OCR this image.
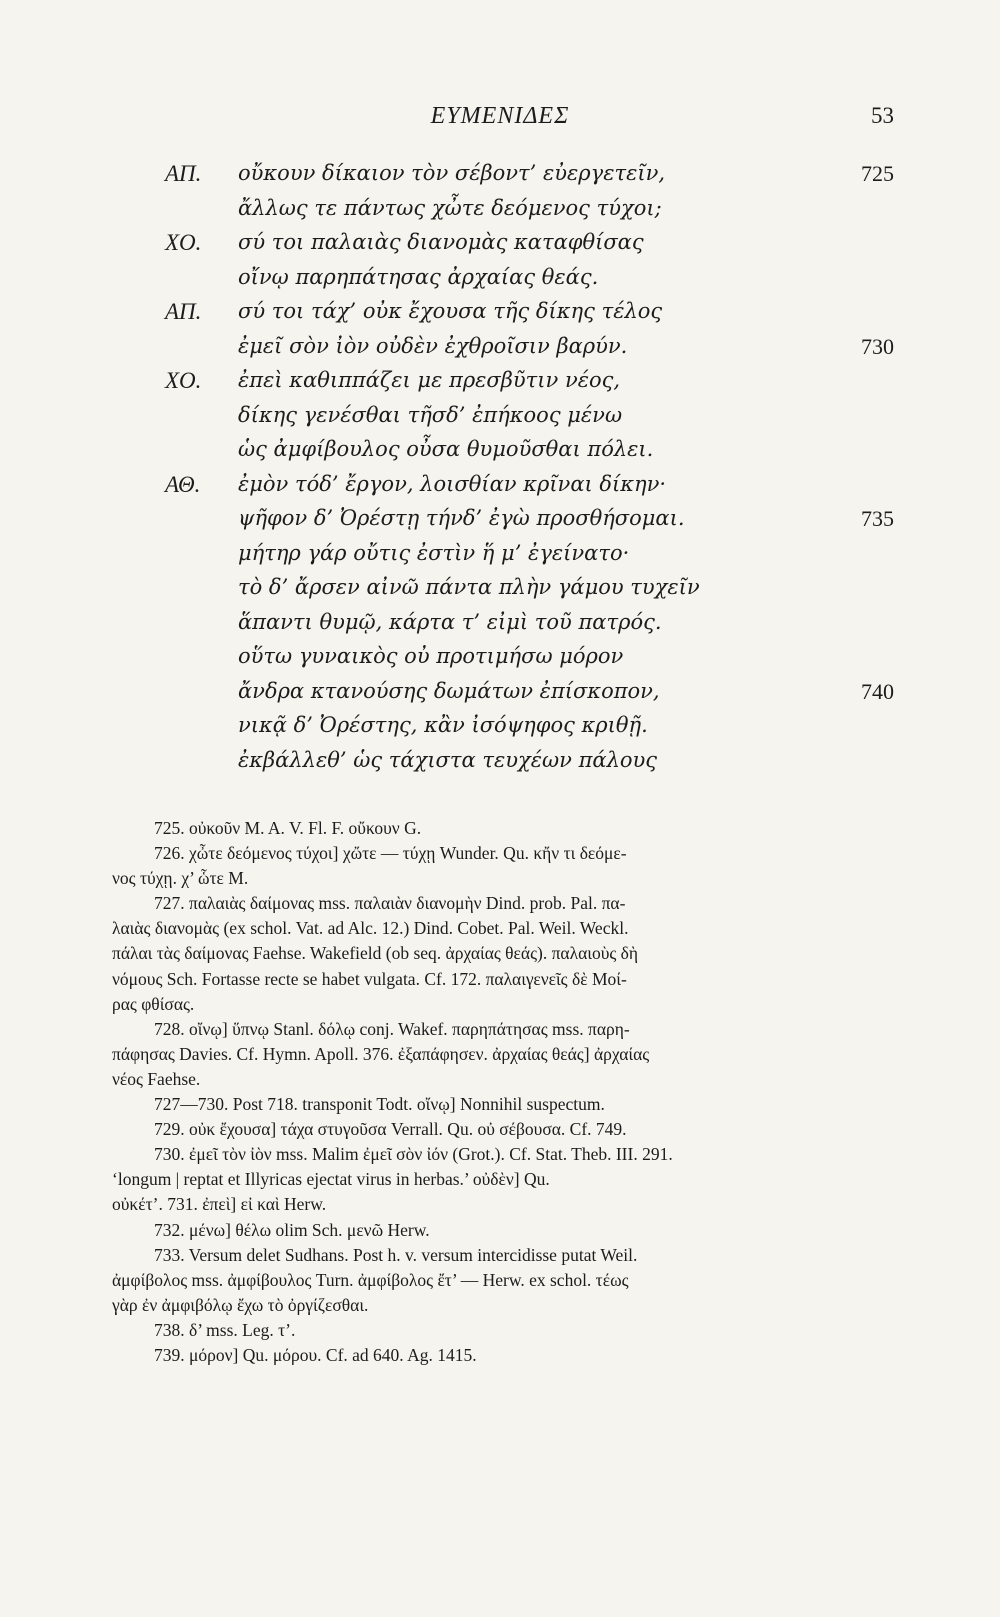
ΕΥΜΕΝΙΔΕΣ	53
ΑΠ. οὔκουν δίκαιον τὸν σέβοντ’ εὐεργετεῖν,	725
ἄλλως τε πάντως χὦτε δεόμενος τύχοι;
ΧΟ. σύ τοι παλαιὰς διανομὰς καταφθίσας
οἴνῳ παρηπάτησας ἀρχαίας θεάς.
ΑΠ. σύ τοι τάχ’ οὐκ ἔχουσα τῆς δίκης τέλος
ἐμεῖ σὸν ἰὸν οὐδὲν ἐχθροῖσιν βαρύν.	730
ΧΟ. ἐπεὶ καθιππάζει με πρεσβῦτιν νέος,
δίκης γενέσθαι τῆσδ’ ἐπήκοος μένω
ὡς ἀμφίβουλος οὖσα θυμοῦσθαι πόλει.
ΑΘ. ἐμὸν τόδ’ ἔργον, λοισθίαν κρῖναι δίκην·
ψῆφον δ’ Ὀρέστῃ τήνδ’ ἐγὼ προσθήσομαι.	735
μήτηρ γάρ οὔτις ἐστὶν ἥ μ’ ἐγείνατο·
τὸ δ’ ἄρσεν αἰνῶ πάντα πλὴν γάμου τυχεῖν
ἅπαντι θυμῷ, κάρτα τ’ εἰμὶ τοῦ πατρός.
οὕτω γυναικὸς οὐ προτιμήσω μόρον
ἄνδρα κτανούσης δωμάτων ἐπίσκοπον,	740
νικᾷ δ’ Ὀρέστης, κἂν ἰσόψηφος κριθῇ.
ἐκβάλλεθ’ ὡς τάχιστα τευχέων πάλους
725. οὐκοῦν M. A. V. Fl. F. οὔκουν G.
726. χὦτε δεόμενος τύχοι] χὤτε — τύχῃ Wunder. Qu. κἤν τι δεόμε-
νος τύχῃ. χ’ ὧτε M.
727. παλαιὰς δαίμονας mss. παλαιὰν διανομὴν Dind. prob. Pal. πα-
λαιὰς διανομὰς (ex schol. Vat. ad Alc. 12.) Dind. Cobet. Pal. Weil. Weckl.
πάλαι τὰς δαίμονας Faehse. Wakefield (ob seq. ἀρχαίας θεάς). παλαιοὺς δὴ
νόμους Sch. Fortasse recte se habet vulgata. Cf. 172. παλαιγενεῖς δὲ Μοί-
ρας φθίσας.
728. οἴνῳ] ὕπνῳ Stanl. δόλῳ conj. Wakef. παρηπάτησας mss. παρη-
πάφησας Davies. Cf. Hymn. Apoll. 376. ἐξαπάφησεν. ἀρχαίας θεάς] ἀρχαίας
νέος Faehse.
727—730. Post 718. transponit Todt. οἴνῳ] Nonnihil suspectum.
729. οὐκ ἔχουσα] τάχα στυγοῦσα Verrall. Qu. οὐ σέβουσα. Cf. 749.
730. ἐμεῖ τὸν ἰὸν mss. Malim ἐμεῖ σὸν ἰόν (Grot.). Cf. Stat. Theb. III. 291.
‘longum | reptat et Illyricas ejectat virus in herbas.’ οὐδὲν] Qu.
οὐκέτ’. 731. ἐπεὶ] εἰ καὶ Herw.
732. μένω] θέλω olim Sch. μενῶ Herw.
733. Versum delet Sudhans. Post h. v. versum intercidisse putat Weil.
ἀμφίβολος mss. ἀμφίβουλος Turn. ἀμφίβολος ἔτ’ — Herw. ex schol. τέως
γὰρ ἐν ἀμφιβόλῳ ἔχω τὸ ὀργίζεσθαι.
738. δ’ mss. Leg. τ’.
739. μόρον] Qu. μόρου. Cf. ad 640. Ag. 1415.
